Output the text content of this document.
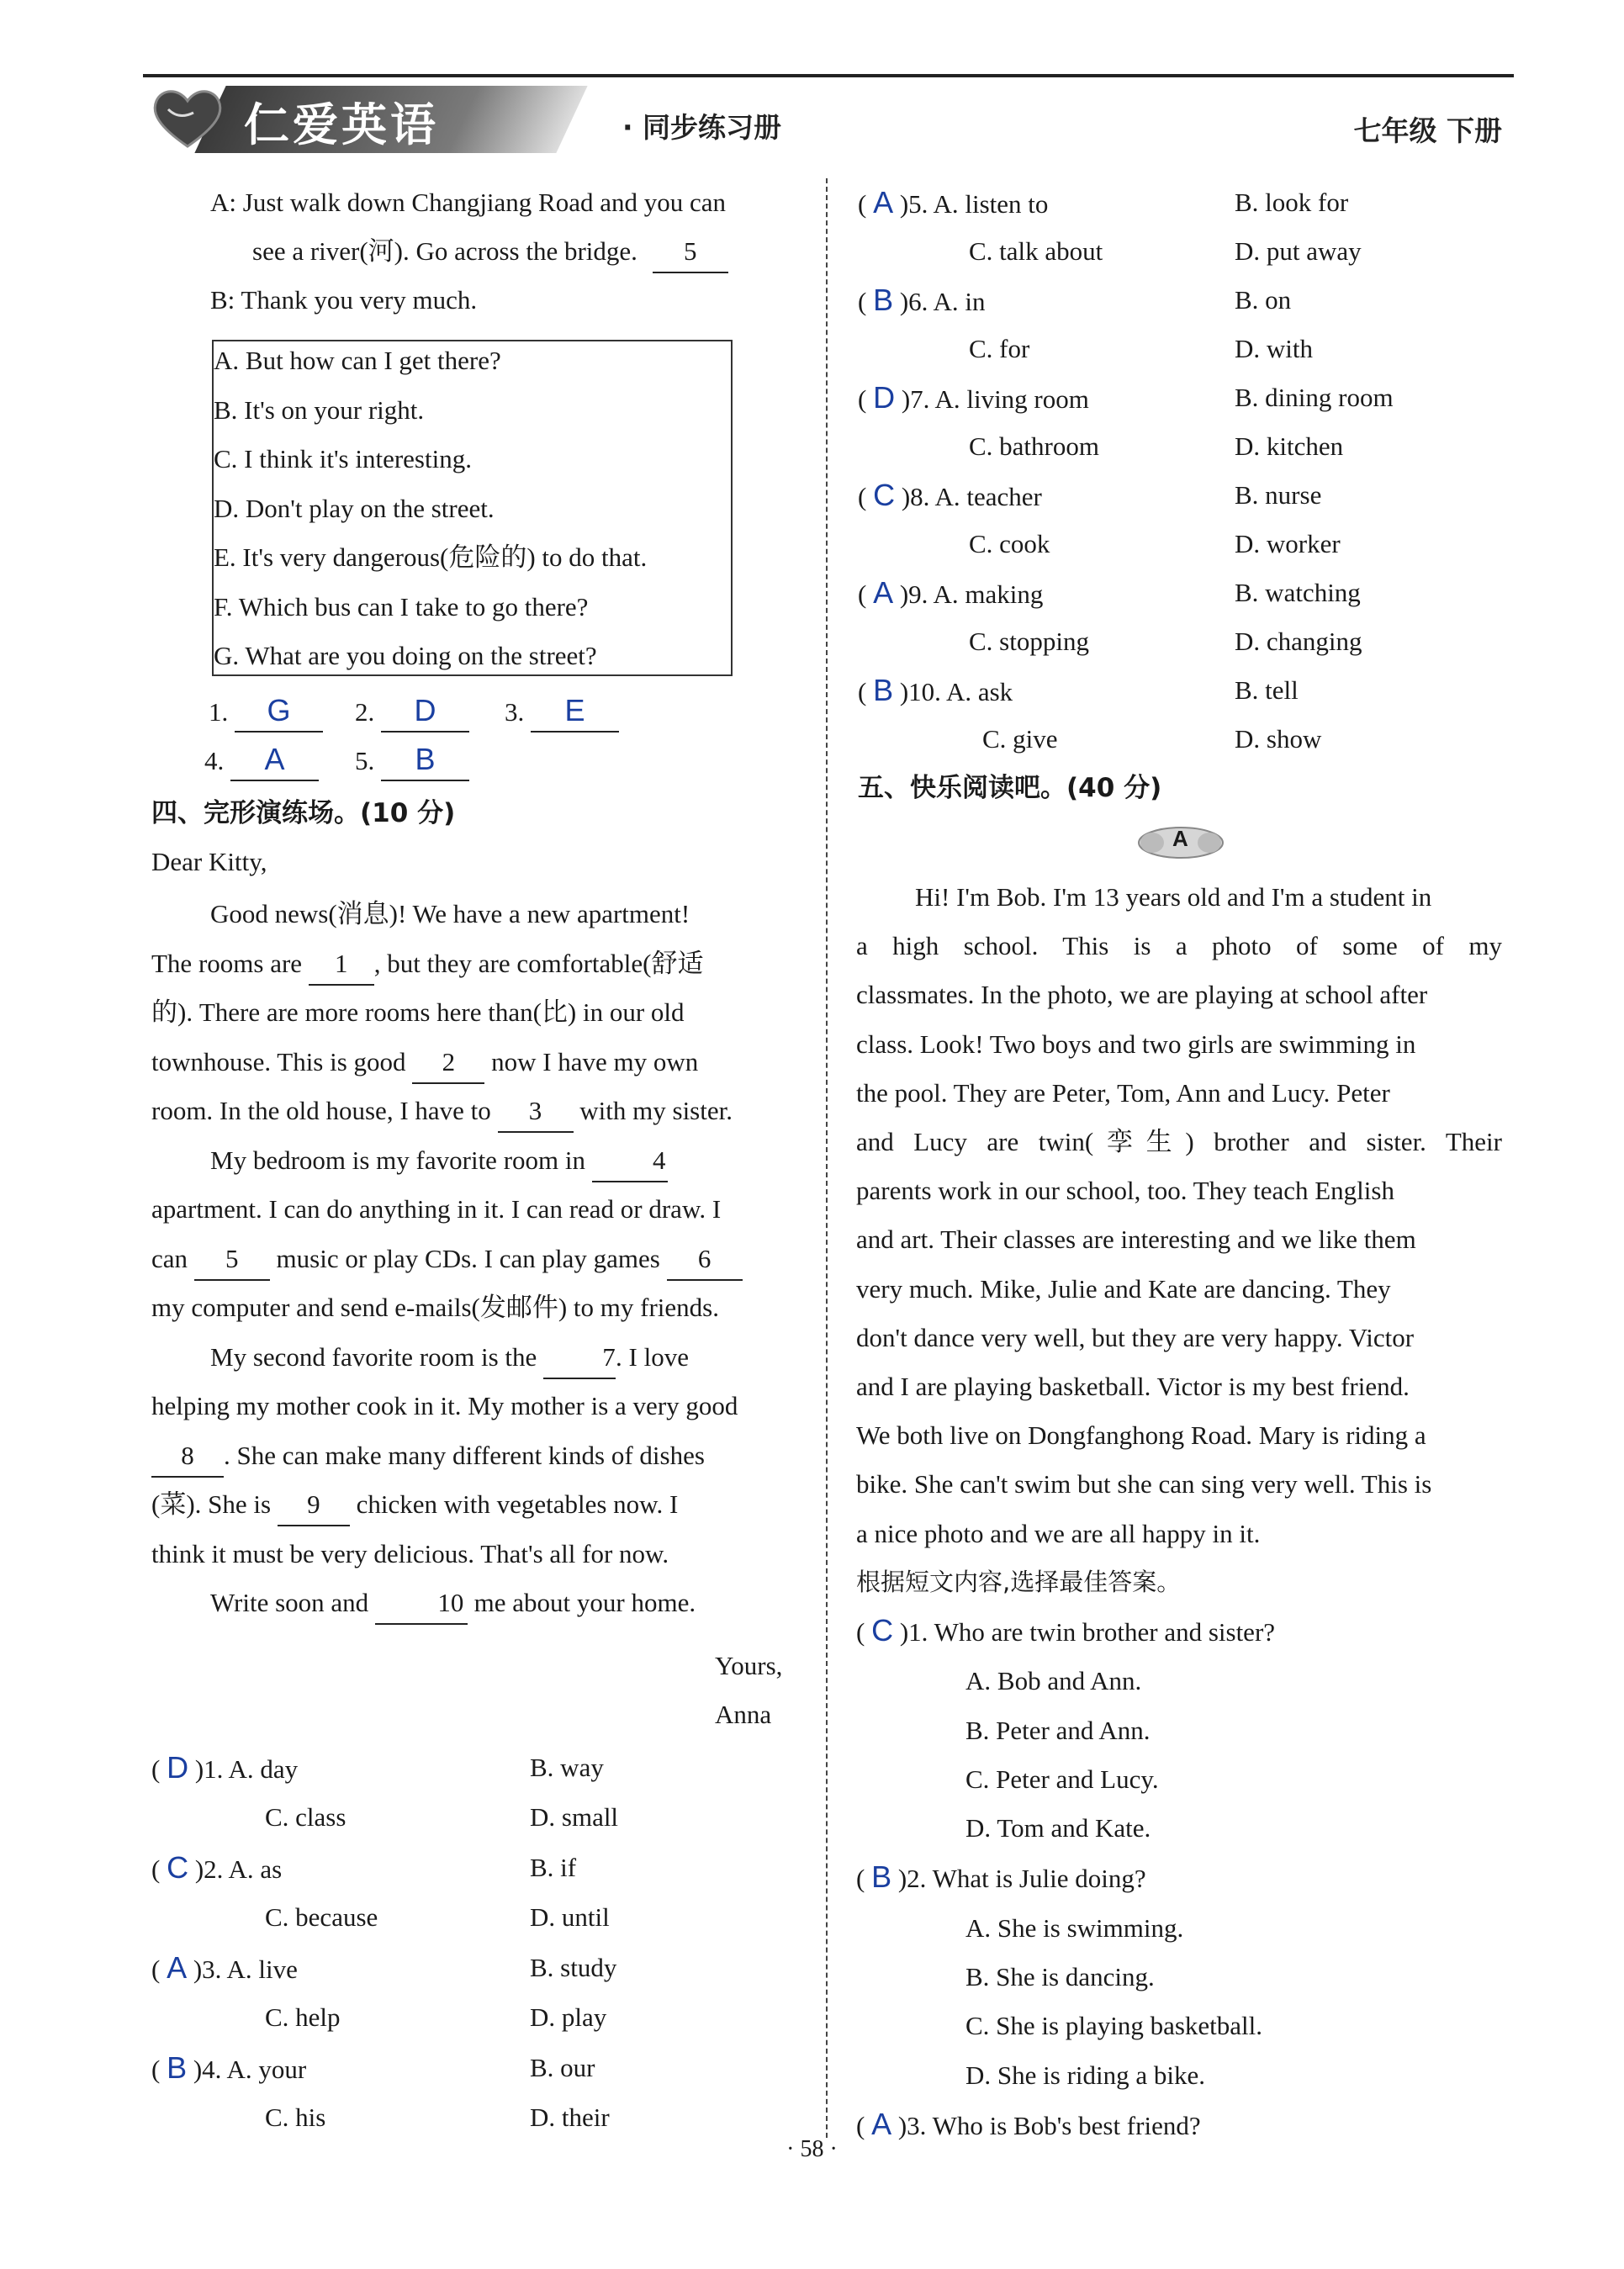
仁爱英语	· 同步练习册	七年级 下册
A: Just walk down Changjiang Road and you can
see a river(河). Go across the bridge. 5
B: Thank you very much.
A. But how can I get there?
B. It's on your right.
C. I think it's interesting.
D. Don't play on the street.
E. It's very dangerous(危险的) to do that.
F. Which bus can I take to go there?
G. What are you doing on the street?
1. G	2. D	3. E
4. A	5. B
四、完形演练场。(10 分)
Dear Kitty,

Good news(消息)! We have a new apartment!

The rooms are 1 , but they are comfortable(舒适

的). There are more rooms here than(比) in our old

townhouse. This is good 2 now I have my own

room. In the old house, I have to 3 with my sister.

My bedroom is my favorite room in	4

apartment. I can do anything in it. I can read or draw. I

can 5 music or play CDs. I can play games 6

my computer and send e-mails(发邮件) to my friends.

My second favorite room is the	7. I love

helping my mother cook in it. My mother is a very good

8 . She can make many different kinds of dishes

(菜). She is 9 chicken with vegetables now. I

think it must be very delicious. That's all for now.

Write soon and	10 me about your home.

Yours,
Anna
( D )1. A. day	B. way
C. class	D. small
( C )2. A. as	B. if
C. because	D. until
( A )3. A. live	B. study
C. help	D. play
( B )4. A. your	B. our
C. his	D. their
( A )5. A. listen to	B. look for
C. talk about	D. put away
( B )6. A. in	B. on
C. for	D. with
( D )7. A. living room	B. dining room
C. bathroom	D. kitchen
( C )8. A. teacher	B. nurse
C. cook	D. worker
( A )9. A. making	B. watching
C. stopping	D. changing
( B )10. A. ask	B. tell
C. give	D. show
五、快乐阅读吧。(40 分)
A

Hi! I'm Bob. I'm 13 years old and I'm a student in

a high school. This is a photo of some of my

classmates. In the photo, we are playing at school after

class. Look! Two boys and two girls are swimming in

the pool. They are Peter, Tom, Ann and Lucy. Peter

and Lucy are twin(孪生) brother and sister. Their

parents work in our school, too. They teach English

and art. Their classes are interesting and we like them

very much. Mike, Julie and Kate are dancing. They

don't dance very well, but they are very happy. Victor

and I are playing basketball. Victor is my best friend.

We both live on Dongfanghong Road. Mary is riding a

bike. She can't swim but she can sing very well. This is

a nice photo and we are all happy in it.

根据短文内容,选择最佳答案。
( C )1. Who are twin brother and sister?
A. Bob and Ann.
B. Peter and Ann.
C. Peter and Lucy.
D. Tom and Kate.
( B )2. What is Julie doing?
A. She is swimming.
B. She is dancing.
C. She is playing basketball.
D. She is riding a bike.
( A )3. Who is Bob's best friend?
· 58 ·
